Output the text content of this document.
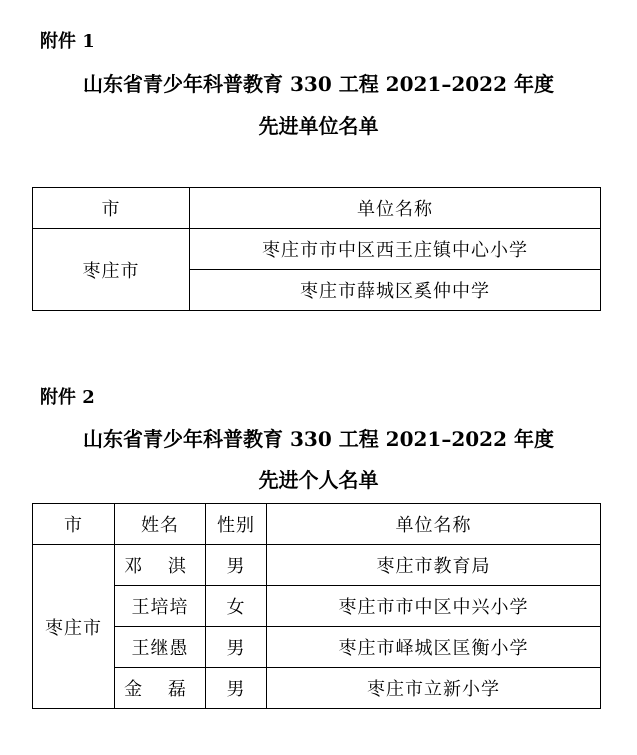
附件 1
山东省青少年科普教育 330 工程 2021–2022 年度
先进单位名单
市	单位名称
枣庄市	枣庄市市中区西王庄镇中心小学
	枣庄市薛城区奚仲中学
附件 2
山东省青少年科普教育 330 工程 2021–2022 年度
先进个人名单
市	姓名	性别	单位名称
枣庄市	邓 淇	男	枣庄市教育局
	王培培	女	枣庄市市中区中兴小学
	王继愚	男	枣庄市峄城区匡衡小学
	金 磊	男	枣庄市立新小学
